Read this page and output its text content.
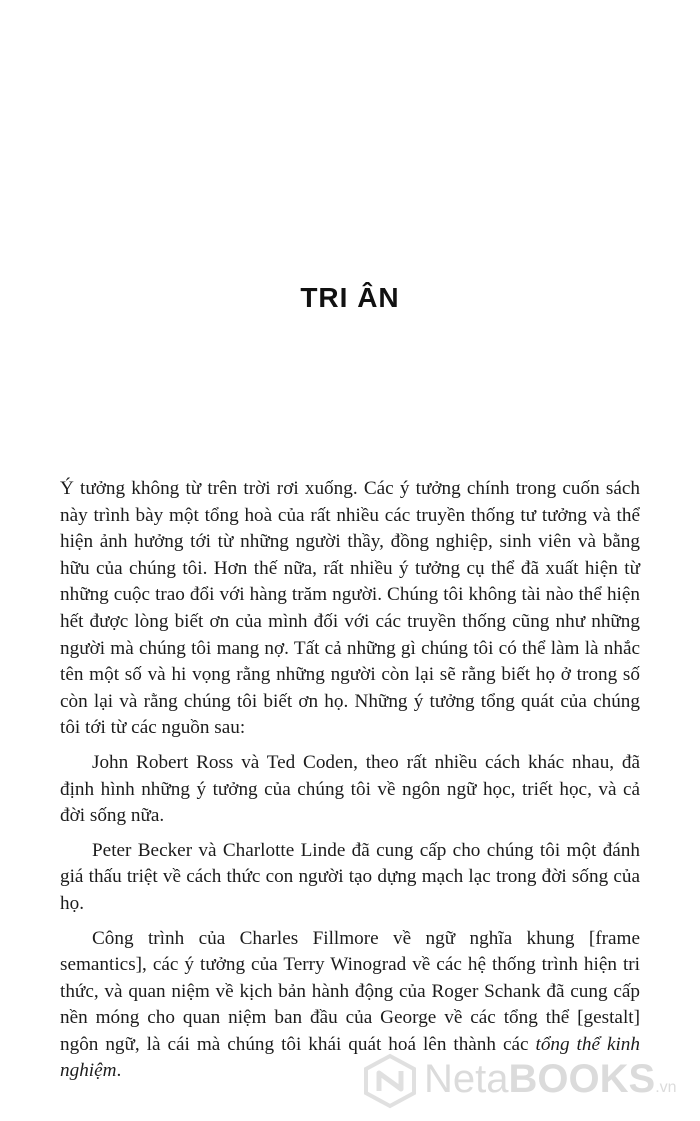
TRI ÂN

Ý tưởng không từ trên trời rơi xuống. Các ý tưởng chính trong cuốn sách này trình bày một tổng hoà của rất nhiều các truyền thống tư tưởng và thể hiện ảnh hưởng tới từ những người thầy, đồng nghiệp, sinh viên và bằng hữu của chúng tôi. Hơn thế nữa, rất nhiều ý tưởng cụ thể đã xuất hiện từ những cuộc trao đổi với hàng trăm người. Chúng tôi không tài nào thể hiện hết được lòng biết ơn của mình đối với các truyền thống cũng như những người mà chúng tôi mang nợ. Tất cả những gì chúng tôi có thể làm là nhắc tên một số và hi vọng rằng những người còn lại sẽ rằng biết họ ở trong số còn lại và rằng chúng tôi biết ơn họ. Những ý tưởng tổng quát của chúng tôi tới từ các nguồn sau:

John Robert Ross và Ted Coden, theo rất nhiều cách khác nhau, đã định hình những ý tưởng của chúng tôi về ngôn ngữ học, triết học, và cả đời sống nữa.

Peter Becker và Charlotte Linde đã cung cấp cho chúng tôi một đánh giá thấu triệt về cách thức con người tạo dựng mạch lạc trong đời sống của họ.

Công trình của Charles Fillmore về ngữ nghĩa khung [frame semantics], các ý tưởng của Terry Winograd về các hệ thống trình hiện tri thức, và quan niệm về kịch bản hành động của Roger Schank đã cung cấp nền móng cho quan niệm ban đầu của George về các tổng thể [gestalt] ngôn ngữ, là cái mà chúng tôi khái quát hoá lên thành các tổng thể kinh nghiệm.	NetaBOOKS.vn
